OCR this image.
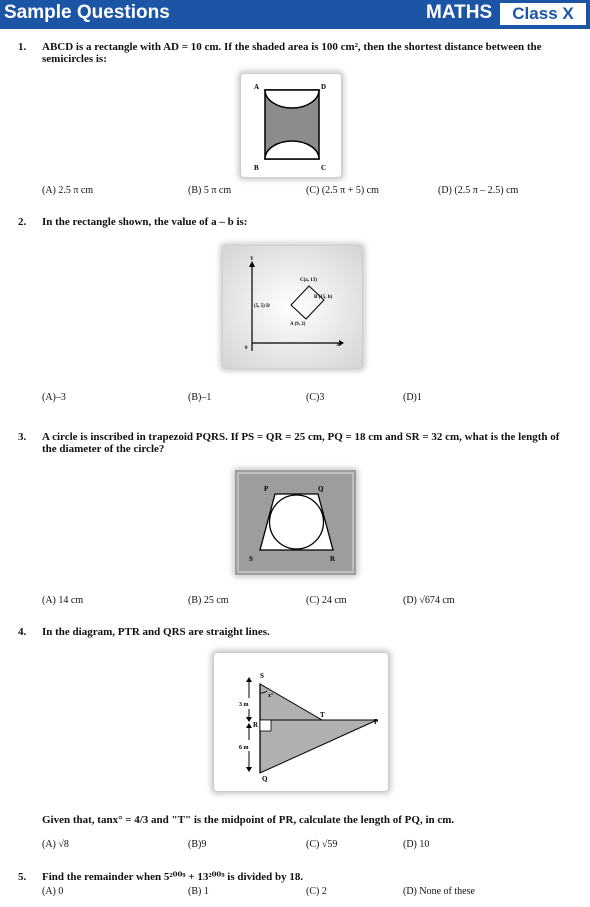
Sample Questions	MATHS	Class X
1. ABCD is a rectangle with AD = 10 cm. If the shaded area is 100 cm², then the shortest distance between the semicircles is:
A	D
B	C
(A) 2.5 π cm	(B) 5 π cm	(C) (2.5 π + 5) cm	(D) (2.5 π – 2.5) cm
2. In the rectangle shown, the value of a – b is:
Y
X
0
C(a, 13)
B (15, b)
(5, 5) D
A (9, 2)
(A)–3	(B)–1	(C)3	(D)1
3. A circle is inscribed in trapezoid PQRS. If PS = QR = 25 cm, PQ = 18 cm and SR = 32 cm, what is the length of the diameter of the circle?
P	Q
S	R
(A) 14 cm	(B) 25 cm	(C) 24 cm	(D) √674 cm
4. In the diagram, PTR and QRS are straight lines.
S
x°
T
P
R
Q
3 m
6 m
Given that, tanx° = 4/3 and "T" is the midpoint of PR, calculate the length of PQ, in cm.
(A) √8	(B)9	(C) √59	(D) 10
5. Find the remainder when 5²⁰⁰⁹ + 13²⁰⁰⁹ is divided by 18.
(A) 0	(B) 1	(C) 2	(D) None of these
